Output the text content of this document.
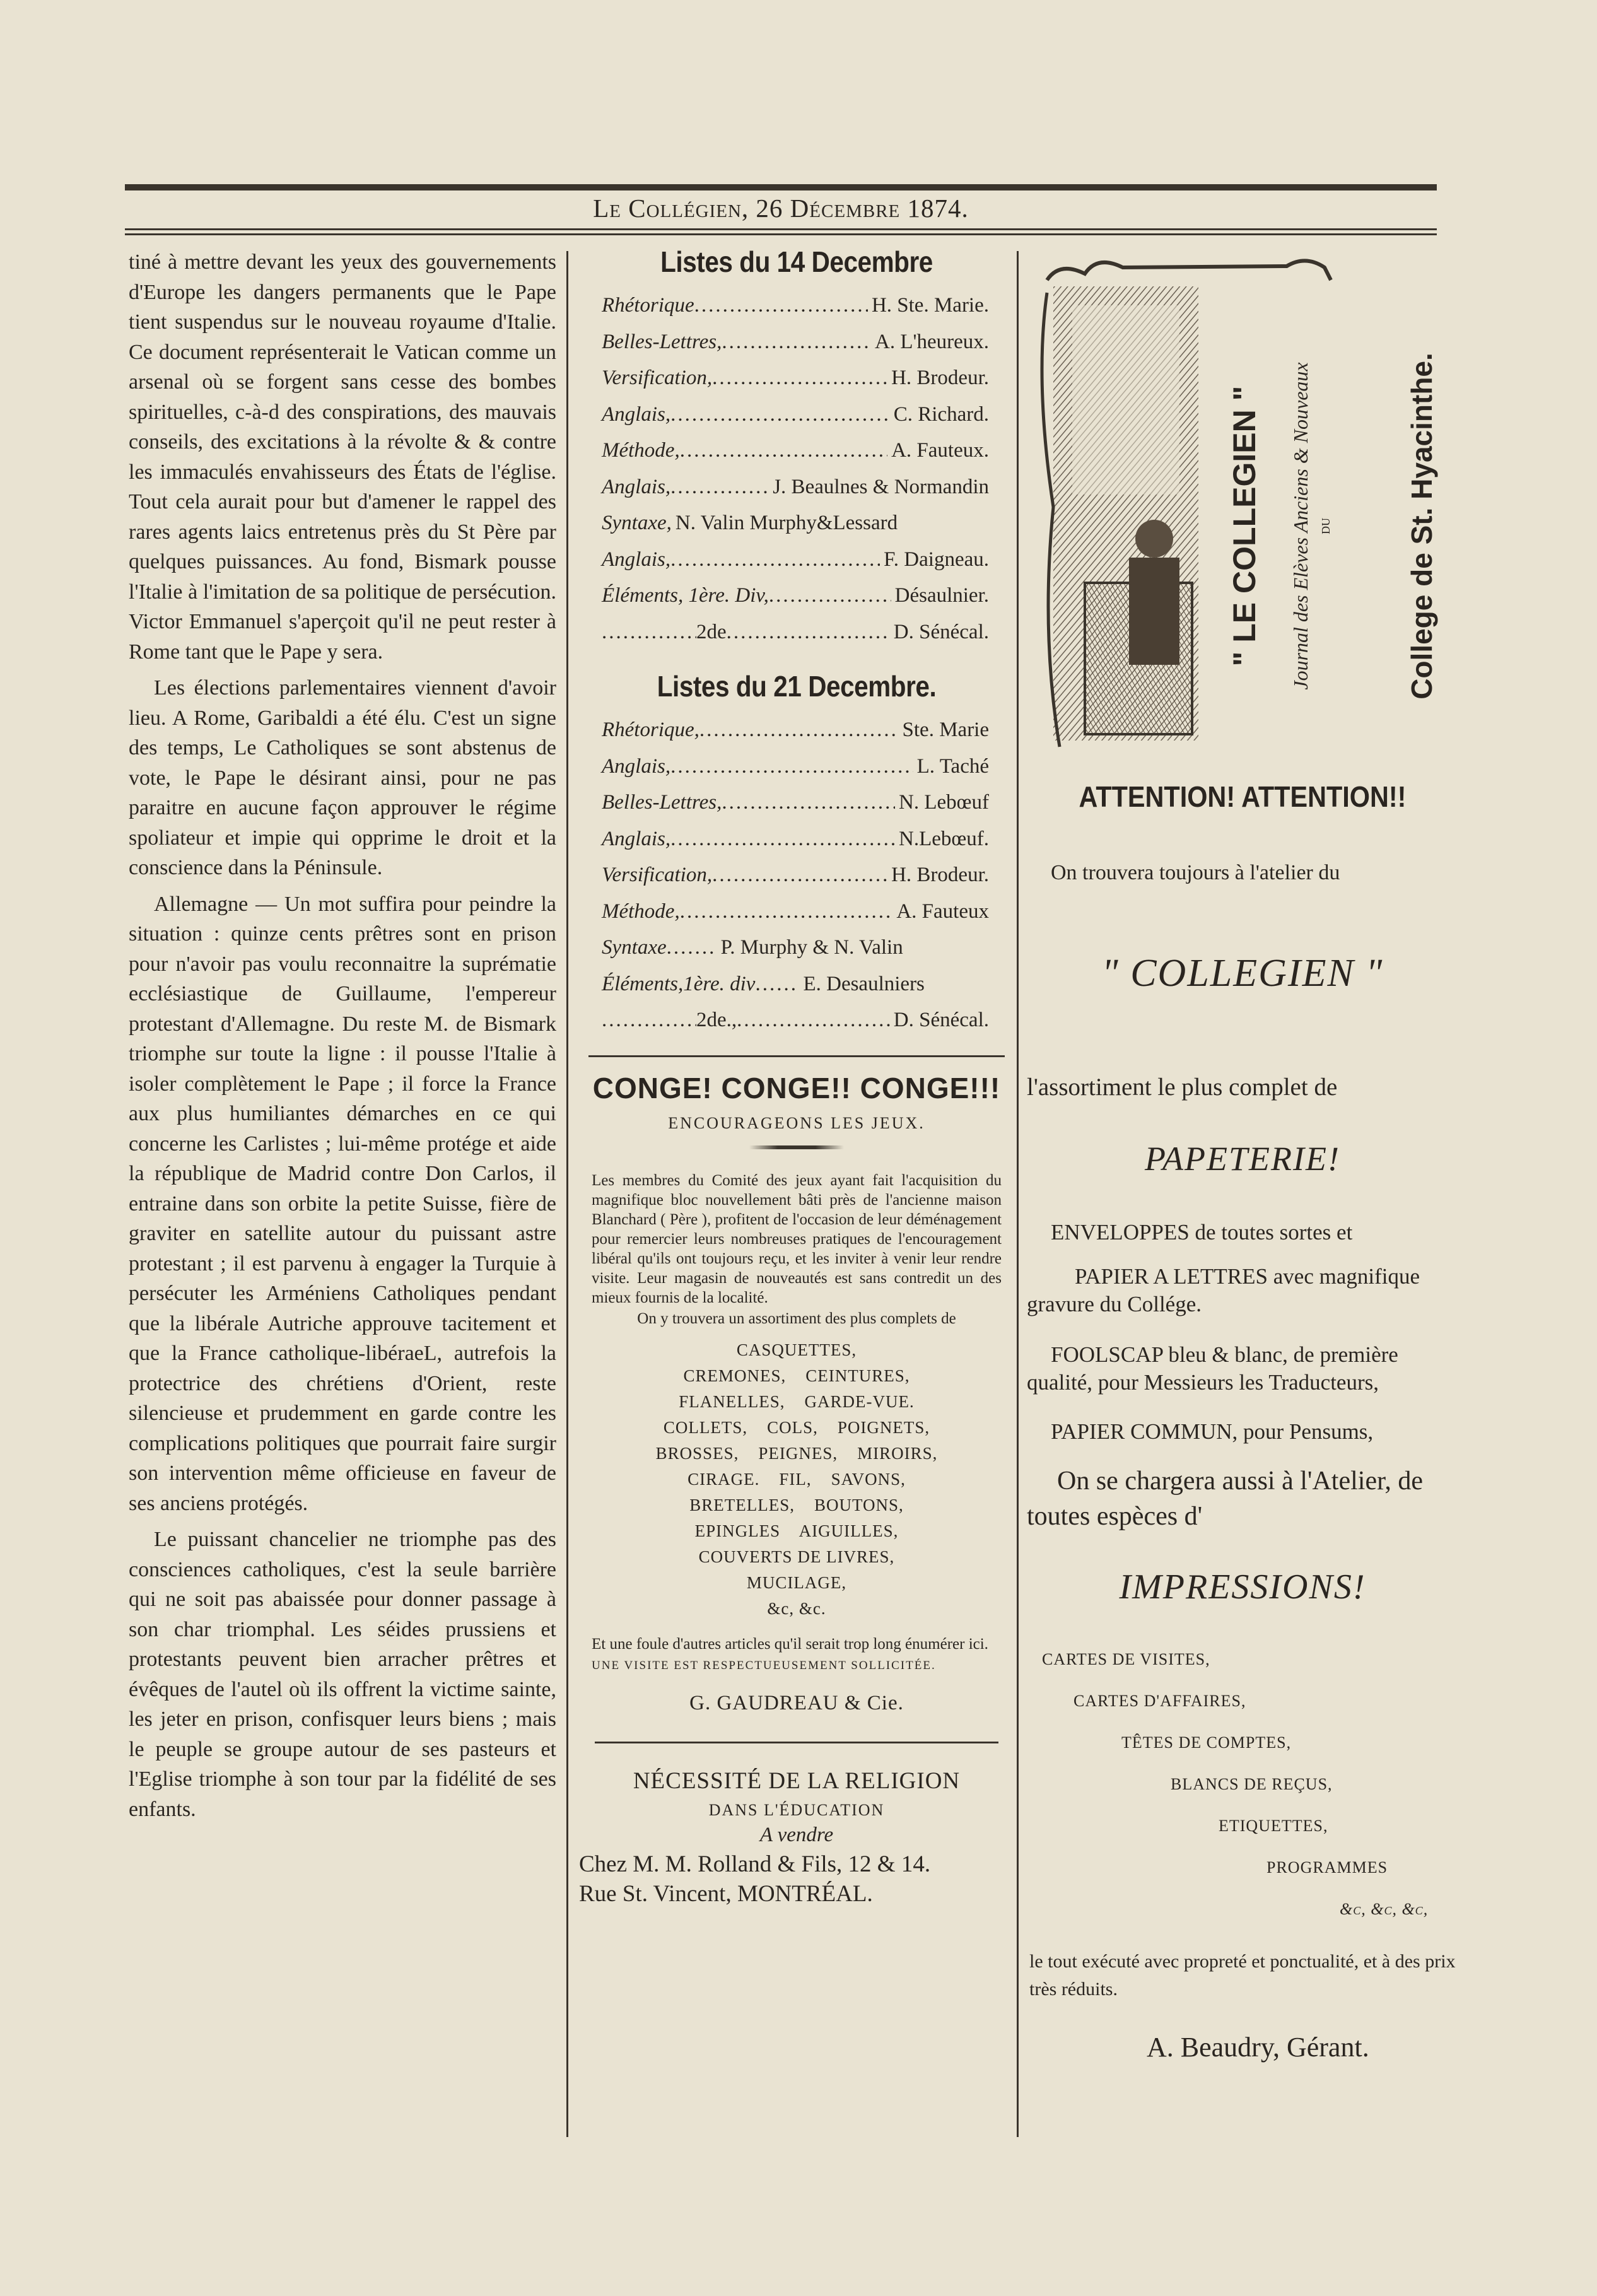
Le Collégien, 26 Décembre 1874.

tiné à mettre devant les yeux des gouvernements d'Europe les dangers permanents que le Pape tient suspendus sur le nouveau royaume d'Italie. Ce document représenterait le Vatican comme un arsenal où se forgent sans cesse des bombes spirituelles, c-à-d des conspirations, des mauvais conseils, des excitations à la révolte & & contre les immaculés envahisseurs des États de l'église. Tout cela aurait pour but d'amener le rappel des rares agents laics entretenus près du St Père par quelques puissances. Au fond, Bismark pousse l'Italie à l'imitation de sa politique de persécution. Victor Emmanuel s'aperçoit qu'il ne peut rester à Rome tant que le Pape y sera.

Les élections parlementaires viennent d'avoir lieu. A Rome, Garibaldi a été élu. C'est un signe des temps, Le Catholiques se sont abstenus de vote, le Pape le désirant ainsi, pour ne pas paraitre en aucune façon approuver le régime spoliateur et impie qui opprime le droit et la conscience dans la Péninsule.

Allemagne — Un mot suffira pour peindre la situation : quinze cents prêtres sont en prison pour n'avoir pas voulu reconnaitre la suprématie ecclésiastique de Guillaume, l'empereur protestant d'Allemagne. Du reste M. de Bismark triomphe sur toute la ligne : il pousse l'Italie à isoler complètement le Pape ; il force la France aux plus humiliantes démarches en ce qui concerne les Carlistes ; lui-même protége et aide la république de Madrid contre Don Carlos, il entraine dans son orbite la petite Suisse, fière de graviter en satellite autour du puissant astre protestant ; il est parvenu à engager la Turquie à persécuter les Arméniens Catholiques pendant que la libérale Autriche approuve tacitement et que la France catholique-libéraeL, autrefois la protectrice des chrétiens d'Orient, reste silencieuse et prudemment en garde contre les complications politiques que pourrait faire surgir son intervention même officieuse en faveur de ses anciens protégés.

Le puissant chancelier ne triomphe pas des consciences catholiques, c'est la seule barrière qui ne soit pas abaissée pour donner passage à son char triomphal. Les séides prussiens et protestants peuvent bien arracher prêtres et évêques de l'autel où ils offrent la victime sainte, les jeter en prison, confisquer leurs biens ; mais le peuple se groupe autour de ses pasteurs et l'Eglise triomphe à son tour par la fidélité de ses enfants.

Listes du 14 Decembre
Rhétorique .....	H. Ste. Marie.
Belles-Lettres, .....	A. L'heureux.
Versification, .....	H. Brodeur.
Anglais, .....	C. Richard.
Méthode, .....	A. Fauteux.
Anglais, .....	J. Beaulnes & Normandin
Syntaxe, N. Valin Murphy&Lessard
Anglais, .....	F. Daigneau.
Éléments, 1ère. Div, .....	Désaulnier.
.....
2de .....	D. Sénécal.
Listes du 21 Decembre.
Rhétorique, .....	Ste. Marie
Anglais, .....	L. Taché
Belles-Lettres, .....	N. Lebœuf
Anglais, .....	N.Lebœuf.
Versification, .....	H. Brodeur.
Méthode, .....	A. Fauteux
Syntaxe .....	P. Murphy & N. Valin
Éléments,1ère. div ..... E. Desaulniers
.....
2de., .....	D. Sénécal.
CONGE! CONGE!! CONGE!!!
ENCOURAGEONS LES JEUX.
Les membres du Comité des jeux ayant fait l'acquisition du magnifique bloc nouvellement bâti près de l'ancienne maison Blanchard ( Père ), profitent de l'occasion de leur déménagement pour remercier leurs nombreuses pratiques de l'encouragement libéral qu'ils ont toujours reçu, et les inviter à venir leur rendre visite. Leur magasin de nouveautés est sans contredit un des mieux fournis de la localité.
On y trouvera un assortiment des plus complets de
CASQUETTES,
CREMONES,    CEINTURES,
FLANELLES,    GARDE-VUE.
COLLETS,    COLS,    POIGNETS,
BROSSES,    PEIGNES,    MIROIRS,
CIRAGE.    FIL,    SAVONS,
BRETELLES,    BOUTONS,
EPINGLES    AIGUILLES,
COUVERTS DE LIVRES,
MUCILAGE,
&c, &c.
Et une foule d'autres articles qu'il serait trop long énumérer ici.
UNE VISITE EST RESPECTUEUSEMENT SOLLICITÉE.
G. GAUDREAU & Cie.
NÉCESSITÉ DE LA RELIGION
DANS L'ÉDUCATION
A vendre
Chez M. M. Rolland & Fils, 12 & 14.
Rue St. Vincent, MONTRÉAL.
" LE COLLEGIEN " Journal des Elèves Anciens & Nouveaux DU	College de St. Hyacinthe.
ATTENTION! ATTENTION!!
On trouvera toujours à l'atelier du
" COLLEGIEN "
l'assortiment le plus complet de
PAPETERIE!
ENVELOPPES de toutes sortes et
PAPIER A LETTRES avec magnifique gravure du Collége.
FOOLSCAP bleu & blanc, de première qualité, pour Messieurs les Traducteurs,
PAPIER COMMUN, pour Pensums,
On se chargera aussi à l'Atelier, de toutes espèces d'
IMPRESSIONS!
CARTES DE VISITES,
CARTES D'AFFAIRES,
TÊTES DE COMPTES,
BLANCS DE REÇUS,
ETIQUETTES,
PROGRAMMES
&c, &c, &c,
le tout exécuté avec propreté et ponctualité, et à des prix très réduits.
A. Beaudry, Gérant.
